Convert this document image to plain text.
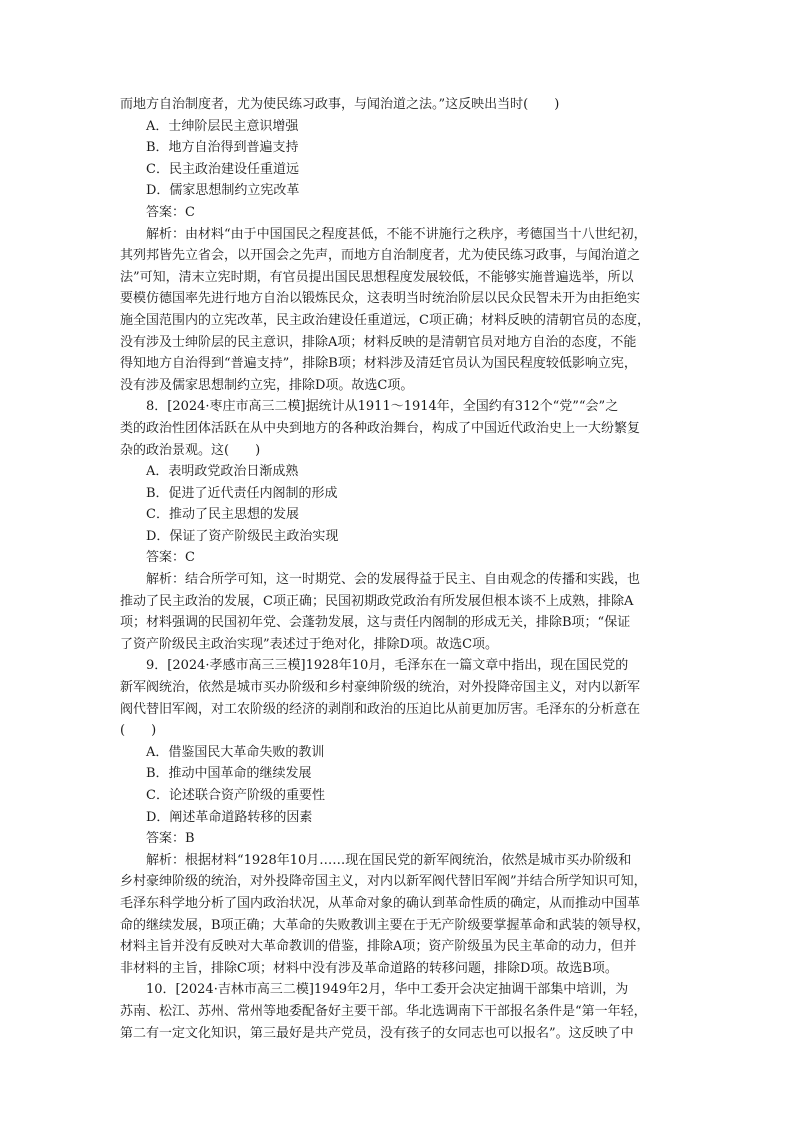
而地方自治制度者，尤为使民练习政事，与闻治道之法。”这反映出当时(　　)
A．士绅阶层民主意识增强
B．地方自治得到普遍支持
C．民主政治建设任重道远
D．儒家思想制约立宪改革
答案：C
解析：由材料“由于中国国民之程度甚低，不能不讲施行之秩序，考德国当十八世纪初，
其列邦皆先立省会，以开国会之先声，而地方自治制度者，尤为使民练习政事，与闻治道之
法”可知，清末立宪时期，有官员提出国民思想程度发展较低，不能够实施普遍选举，所以
要模仿德国率先进行地方自治以锻炼民众，这表明当时统治阶层以民众民智未开为由拒绝实
施全国范围内的立宪改革，民主政治建设任重道远，C项正确；材料反映的清朝官员的态度，
没有涉及士绅阶层的民主意识，排除A项；材料反映的是清朝官员对地方自治的态度，不能
得知地方自治得到“普遍支持”，排除B项；材料涉及清廷官员认为国民程度较低影响立宪，
没有涉及儒家思想制约立宪，排除D项。故选C项。
8．[2024·枣庄市高三二模]据统计从1911～1914年，全国约有312个“党”“会”之
类的政治性团体活跃在从中央到地方的各种政治舞台，构成了中国近代政治史上一大纷繁复
杂的政治景观。这(　　)
A．表明政党政治日渐成熟
B．促进了近代责任内阁制的形成
C．推动了民主思想的发展
D．保证了资产阶级民主政治实现
答案：C
解析：结合所学可知，这一时期党、会的发展得益于民主、自由观念的传播和实践，也
推动了民主政治的发展，C项正确；民国初期政党政治有所发展但根本谈不上成熟，排除A
项；材料强调的民国初年党、会蓬勃发展，这与责任内阁制的形成无关，排除B项；“保证
了资产阶级民主政治实现”表述过于绝对化，排除D项。故选C项。
9．[2024·孝感市高三三模]1928年10月，毛泽东在一篇文章中指出，现在国民党的
新军阀统治，依然是城市买办阶级和乡村豪绅阶级的统治，对外投降帝国主义，对内以新军
阀代替旧军阀，对工农阶级的经济的剥削和政治的压迫比从前更加厉害。毛泽东的分析意在
(　　)
A．借鉴国民大革命失败的教训
B．推动中国革命的继续发展
C．论述联合资产阶级的重要性
D．阐述革命道路转移的因素
答案：B
解析：根据材料“1928年10月……现在国民党的新军阀统治，依然是城市买办阶级和
乡村豪绅阶级的统治，对外投降帝国主义，对内以新军阀代替旧军阀”并结合所学知识可知，
毛泽东科学地分析了国内政治状况，从革命对象的确认到革命性质的确定，从而推动中国革
命的继续发展，B项正确；大革命的失败教训主要在于无产阶级要掌握革命和武装的领导权，
材料主旨并没有反映对大革命教训的借鉴，排除A项；资产阶级虽为民主革命的动力，但并
非材料的主旨，排除C项；材料中没有涉及革命道路的转移问题，排除D项。故选B项。
10．[2024·吉林市高三二模]1949年2月，华中工委开会决定抽调干部集中培训，为
苏南、松江、苏州、常州等地委配备好主要干部。华北选调南下干部报名条件是“第一年轻，
第二有一定文化知识，第三最好是共产党员，没有孩子的女同志也可以报名”。这反映了中
